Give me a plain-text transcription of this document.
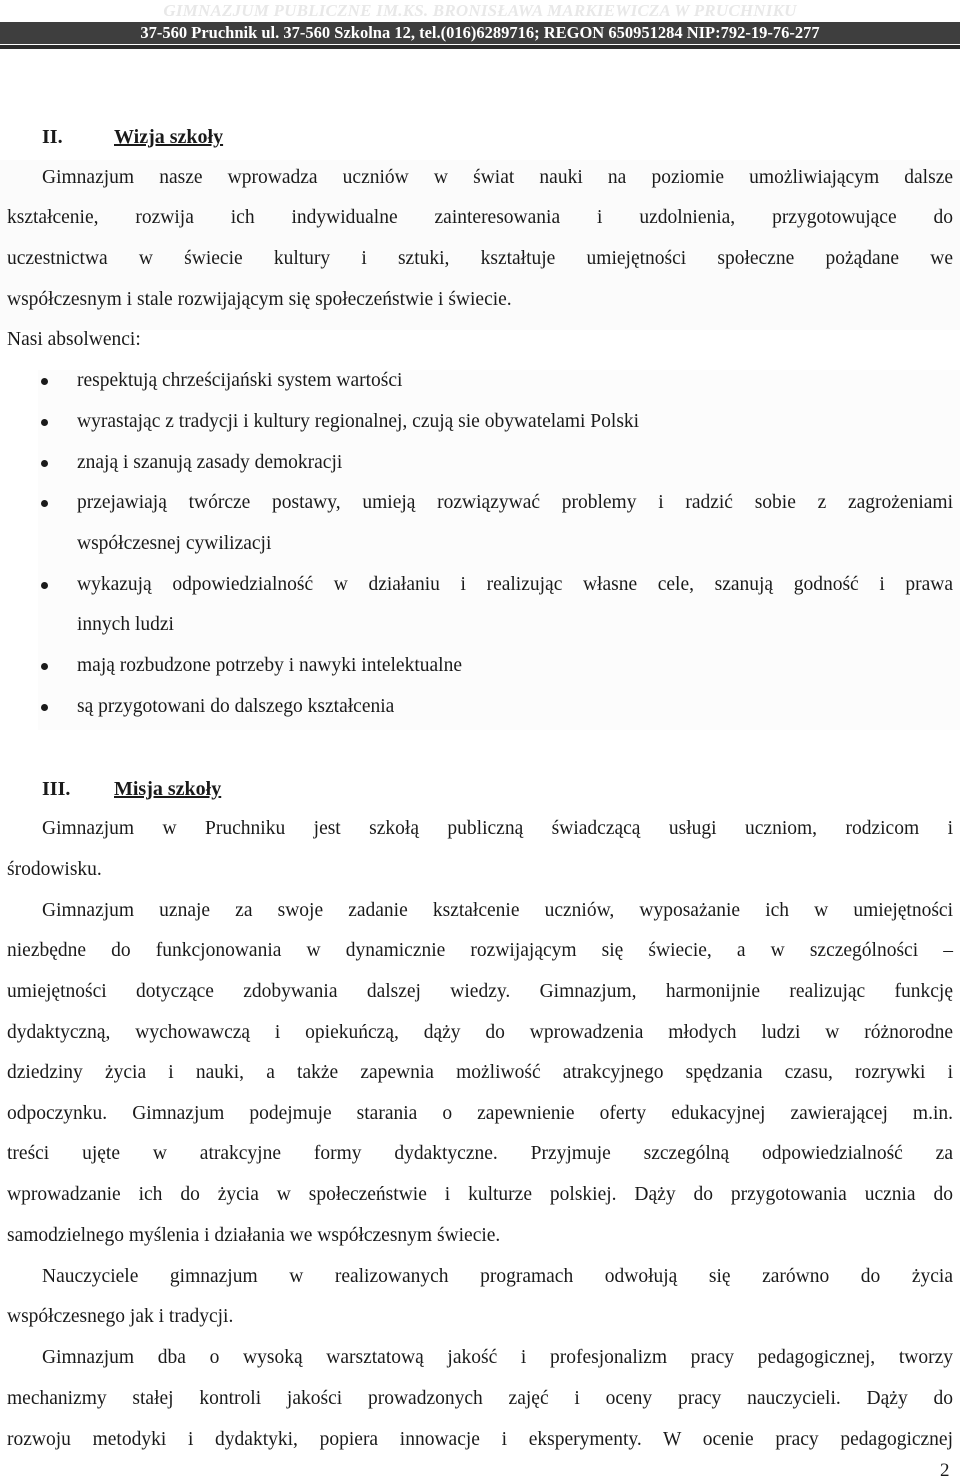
GIMNAZJUM PUBLICZNE IM.KS. BRONISŁAWA MARKIEWICZA W PRUCHNIKU
37-560 Pruchnik ul. 37-560 Szkolna 12, tel.(016)6289716; REGON 650951284 NIP:792-19-76-277
II.	Wizja szkoły
Gimnazjum nasze wprowadza uczniów w świat nauki na poziomie umożliwiającym dalsze
kształcenie, rozwija ich indywidualne zainteresowania i uzdolnienia, przygotowujące do
uczestnictwa w świecie kultury i sztuki, kształtuje umiejętności społeczne pożądane we
współczesnym i stale rozwijającym się społeczeństwie i świecie.
Nasi absolwenci:
respektują chrześcijański system wartości
wyrastając z tradycji i kultury regionalnej, czują sie obywatelami Polski
znają i szanują zasady demokracji
przejawiają twórcze postawy, umieją rozwiązywać problemy i radzić sobie z zagrożeniami
współczesnej cywilizacji
wykazują odpowiedzialność w działaniu i realizując własne cele, szanują godność i prawa
innych ludzi
mają rozbudzone potrzeby i nawyki intelektualne
są przygotowani do dalszego kształcenia
III. Misja szkoły
Gimnazjum w Pruchniku jest szkołą publiczną świadczącą usługi uczniom, rodzicom i
środowisku.
Gimnazjum uznaje za swoje zadanie kształcenie uczniów, wyposażanie ich w umiejętności
niezbędne do funkcjonowania w dynamicznie rozwijającym się świecie, a w szczególności –
umiejętności dotyczące zdobywania dalszej wiedzy. Gimnazjum, harmonijnie realizując funkcję
dydaktyczną, wychowawczą i opiekuńczą, dąży do wprowadzenia młodych ludzi w różnorodne
dziedziny życia i nauki, a także zapewnia możliwość atrakcyjnego spędzania czasu, rozrywki i
odpoczynku. Gimnazjum podejmuje starania o zapewnienie oferty edukacyjnej zawierającej m.in.
treści ujęte w atrakcyjne formy dydaktyczne. Przyjmuje szczególną odpowiedzialność za
wprowadzanie ich do życia w społeczeństwie i kulturze polskiej. Dąży do przygotowania ucznia do
samodzielnego myślenia i działania we współczesnym świecie.
Nauczyciele gimnazjum w realizowanych programach odwołują się zarówno do życia
współczesnego jak i tradycji.
Gimnazjum dba o wysoką warsztatową jakość i profesjonalizm pracy pedagogicznej, tworzy
mechanizmy stałej kontroli jakości prowadzonych zajęć i oceny pracy nauczycieli. Dąży do
rozwoju metodyki i dydaktyki, popiera innowacje i eksperymenty. W ocenie pracy pedagogicznej
2
